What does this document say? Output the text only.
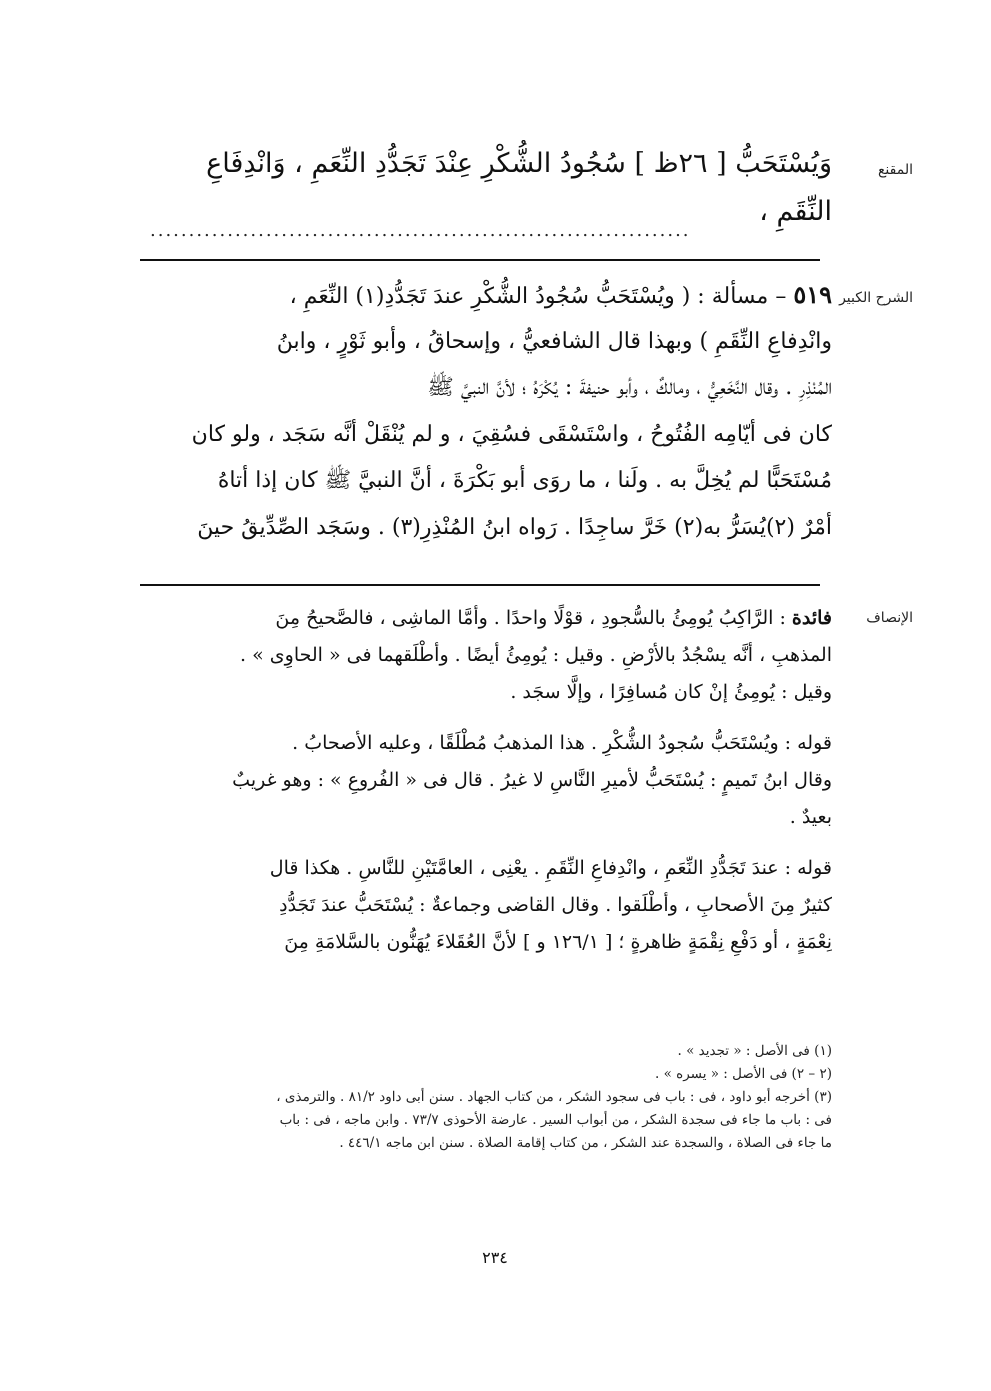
المقنع
الشرح الكبير
الإنصاف
وَيُسْتَحَبُّ [ ٢٦ظ ] سُجُودُ الشُّكْرِ عِنْدَ تَجَدُّدِ النِّعَمِ ، وَانْدِفَاعِ
النِّقَمِ ،
......................................................................
٥١٩ – مسألة : ( ويُسْتَحَبُّ سُجُودُ الشُّكْرِ عندَ تَجَدُّدِ(١) النِّعَمِ ،
وانْدِفاعِ النِّقَمِ ) وبهذا قال الشافعيُّ ، وإسحاقُ ، وأبو ثَوْرٍ ، وابنُ
المُنْذِرِ . وقال النَّخَعِيُّ ، ومالكٌ ، وأبو حنيفةَ : يُكْرَهُ ؛ لأنَّ النبيَّ ﷺ
كان فى أيّامِه الفُتُوحُ ، واسْتَسْقَى فسُقِيَ ، و لم يُنْقَلْ أنَّه سَجَد ، ولو كان
مُسْتَحَبًّا لم يُخِلَّ به . ولَنا ، ما روَى أبو بَكْرَةَ ، أنَّ النبيَّ ﷺ كان إذا أتاهُ
أمْرٌ (٢)يُسَرُّ به(٢) خَرَّ ساجِدًا . رَواه ابنُ المُنْذِرِ(٣) . وسَجَد الصِّدِّيقُ حينَ
فائدة : الرَّاكِبُ يُومِئُ بالسُّجودِ ، قوْلًا واحدًا . وأمَّا الماشِى ، فالصَّحيحُ مِنَ
المذهبِ ، أنَّه يسْجُدُ بالأرْضِ . وقيل : يُومِئُ أيضًا . وأطْلَقهما فى « الحاوِى » .
وقيل : يُومِئُ إنْ كان مُسافِرًا ، وإلَّا سجَد .
قوله : ويُسْتَحَبُّ سُجودُ الشُّكْرِ . هذا المذهبُ مُطْلَقًا ، وعليه الأصحابُ .
وقال ابنُ تَميمٍ : يُسْتَحَبُّ لأميرِ النَّاسِ لا غيرُ . قال فى « الفُروعِ » : وهو غريبٌ
بعيدٌ .
قوله : عندَ تَجَدُّدِ النِّعَمِ ، وانْدِفاعِ النِّقَمِ . يعْنِى ، العامَّتَيْنِ للنَّاسِ . هكذا قال
كثيرٌ مِنَ الأصحابِ ، وأطْلَقوا . وقال القاضى وجماعةٌ : يُسْتَحَبُّ عندَ تَجَدُّدِ
نِعْمَةٍ ، أو دَفْعِ نِقْمَةٍ ظاهرةٍ ؛ [ ١٢٦/١ و ] لأنَّ العُقَلاءَ يُهَنُّون بالسَّلامَةِ مِنَ
(١) فى الأصل : « تجديد » .
(٢ – ٢) فى الأصل : « يسره » .
(٣) أخرجه أبو داود ، فى : باب فى سجود الشكر ، من كتاب الجهاد . سنن أبى داود ٨١/٢ . والترمذى ،
فى : باب ما جاء فى سجدة الشكر ، من أبواب السير . عارضة الأحوذى ٧٣/٧ . وابن ماجه ، فى : باب
ما جاء فى الصلاة ، والسجدة عند الشكر ، من كتاب إقامة الصلاة . سنن ابن ماجه ٤٤٦/١ .
٢٣٤
